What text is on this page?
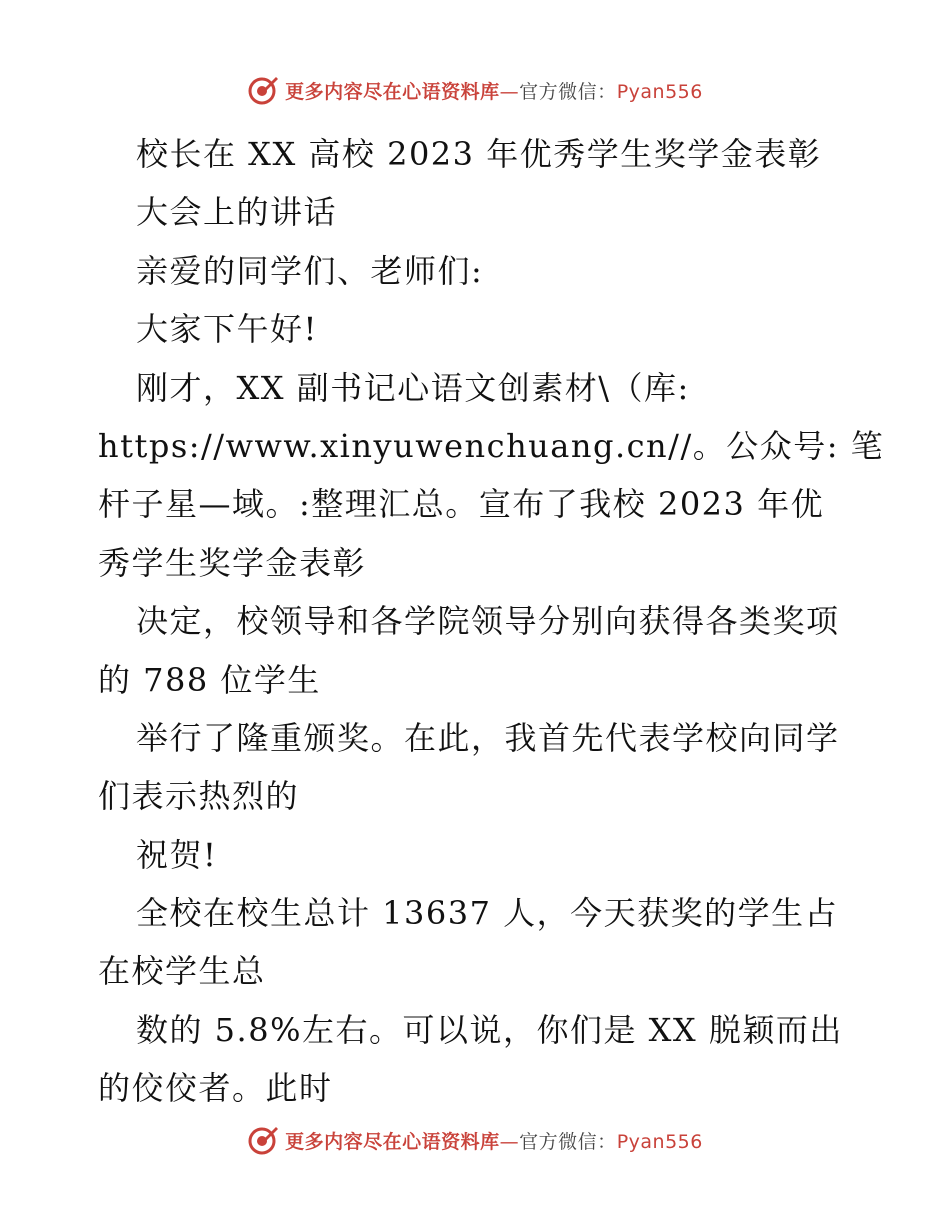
更多内容尽在心语资料库—官方微信：Pyan556
校长在 XX 高校 2023 年优秀学生奖学金表彰
大会上的讲话
亲爱的同学们、老师们:
大家下午好!
刚才，XX 副书记心语文创素材\（库:
https://www.xinyuwenchuang.cn//。公众号: 笔
杆子星—域。:整理汇总。宣布了我校 2023 年优
秀学生奖学金表彰
决定，校领导和各学院领导分别向获得各类奖项
的 788 位学生
举行了隆重颁奖。在此，我首先代表学校向同学
们表示热烈的
祝贺!
全校在校生总计 13637 人，今天获奖的学生占
在校学生总
数的 5.8%左右。可以说，你们是 XX 脱颖而出
的佼佼者。此时
更多内容尽在心语资料库—官方微信：Pyan556
